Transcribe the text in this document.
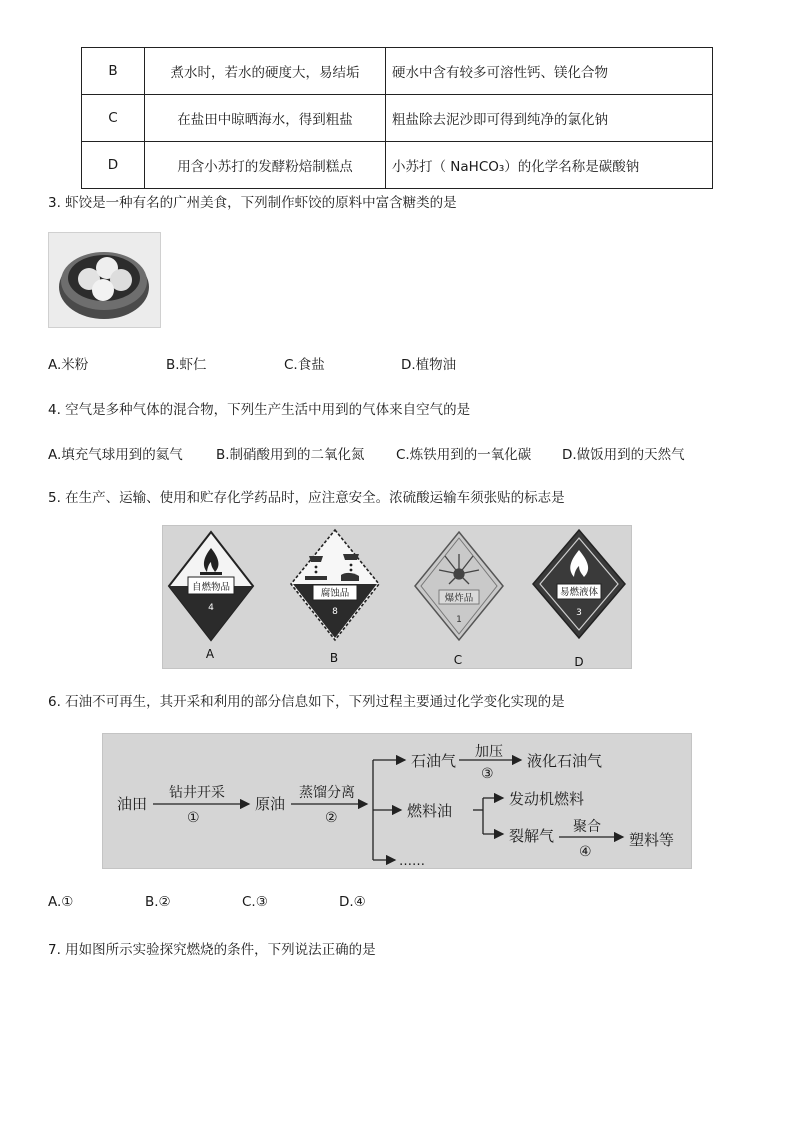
B	煮水时，若水的硬度大，易结垢	硬水中含有较多可溶性钙、镁化合物
C	在盐田中晾晒海水，得到粗盐	粗盐除去泥沙即可得到纯净的氯化钠
D	用含小苏打的发酵粉焙制糕点	小苏打（ NaHCO₃）的化学名称是碳酸钠
3. 虾饺是一种有名的广州美食，下列制作虾饺的原料中富含糖类的是
A.米粉	B.虾仁	C.食盐	D.植物油
4. 空气是多种气体的混合物，下列生产生活中用到的气体来自空气的是
A.填充气球用到的氦气 B.制硝酸用到的二氧化氮 C.炼铁用到的一氧化碳 D.做饭用到的天然气
5. 在生产、运输、使用和贮存化学药品时，应注意安全。浓硫酸运输车须张贴的标志是
自燃物品
4
A
腐蚀品
8
B
爆炸品
1
C
易燃液体
3
D
6. 石油不可再生，其开采和利用的部分信息如下，下列过程主要通过化学变化实现的是
油田
钻井开采
①
原油
蒸馏分离
②
石油气 加压
③
液化石油气
燃料油
发动机燃料
裂解气 聚合
④
塑料等
……
A.①	B.②	C.③	D.④
7. 用如图所示实验探究燃烧的条件，下列说法正确的是
